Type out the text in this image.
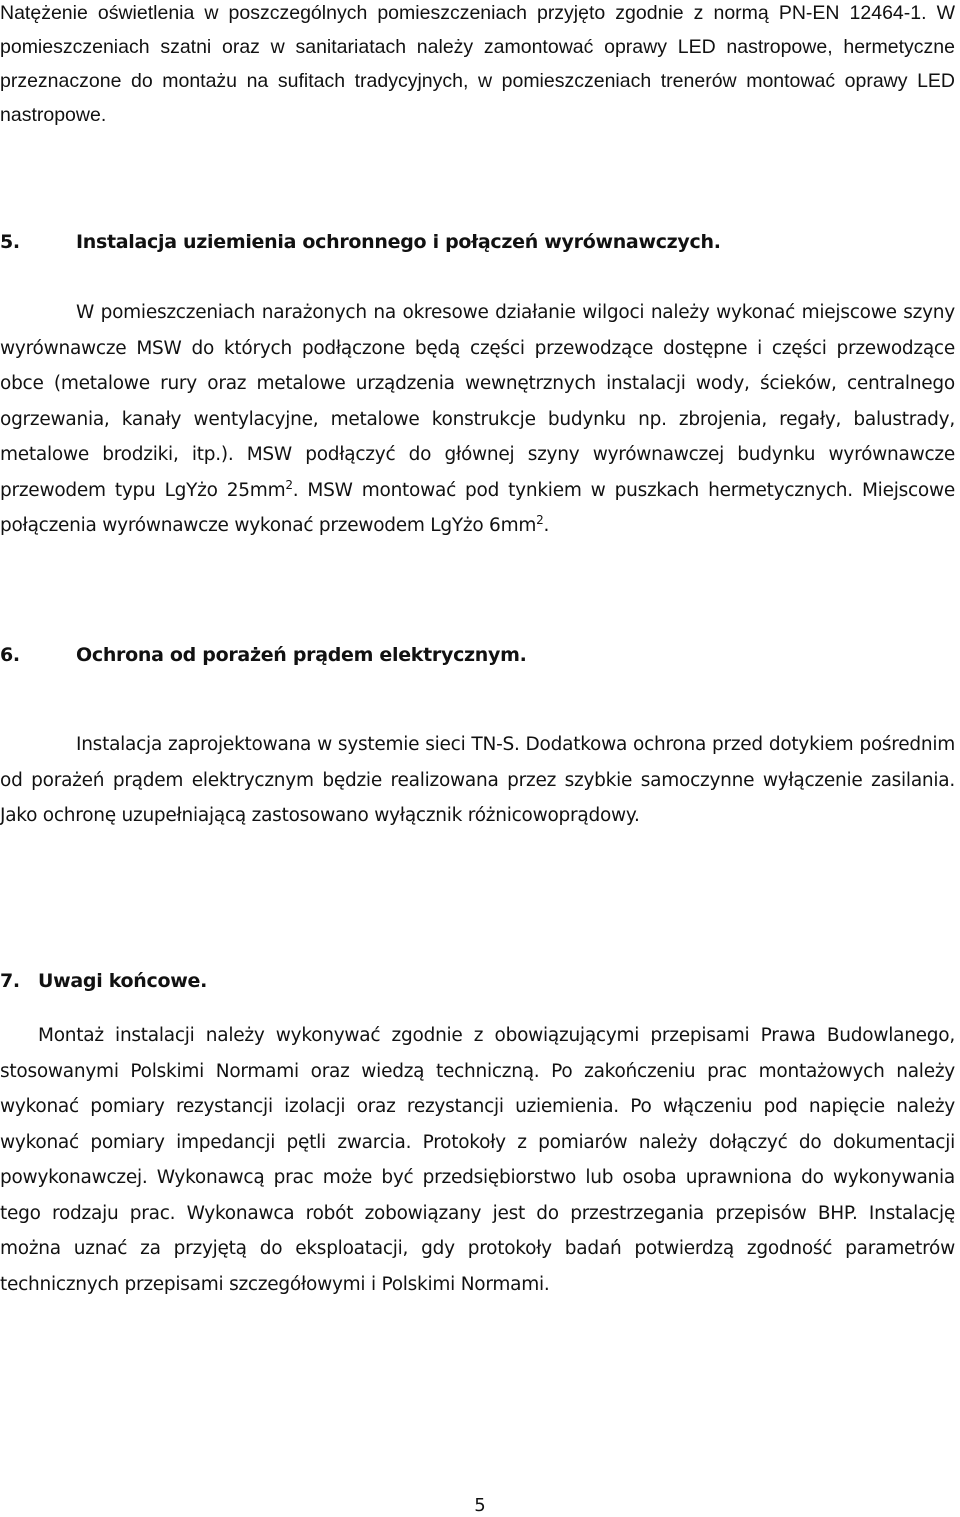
Natężenie oświetlenia w poszczególnych pomieszczeniach przyjęto zgodnie z normą PN-EN 12464-1. W pomieszczeniach szatni oraz w sanitariatach należy zamontować oprawy LED nastropowe, hermetyczne przeznaczone do montażu na sufitach tradycyjnych, w pomieszczeniach trenerów montować oprawy LED nastropowe.

5.	Instalacja uziemienia ochronnego i połączeń wyrównawczych.

W pomieszczeniach narażonych na okresowe działanie wilgoci należy wykonać miejscowe szyny wyrównawcze MSW do których podłączone będą części przewodzące dostępne i części przewodzące obce (metalowe rury oraz metalowe urządzenia wewnętrznych instalacji wody, ścieków, centralnego ogrzewania, kanały wentylacyjne, metalowe konstrukcje budynku np. zbrojenia, regały, balustrady, metalowe brodziki, itp.). MSW podłączyć do głównej szyny wyrównawczej budynku wyrównawcze przewodem typu LgYżo $25mm^2$. MSW montować pod tynkiem w puszkach hermetycznych. Miejscowe połączenia wyrównawcze wykonać przewodem LgYżo $6mm^2$.

6.	Ochrona od porażeń prądem elektrycznym.

Instalacja zaprojektowana w systemie sieci TN-S. Dodatkowa ochrona przed dotykiem pośrednim od porażeń prądem elektrycznym będzie realizowana przez szybkie samoczynne wyłączenie zasilania. Jako ochronę uzupełniającą zastosowano wyłącznik różnicowoprądowy.

7. Uwagi końcowe.

Montaż instalacji należy wykonywać zgodnie z obowiązującymi przepisami Prawa Budowlanego, stosowanymi Polskimi Normami oraz wiedzą techniczną. Po zakończeniu prac montażowych należy wykonać pomiary rezystancji izolacji oraz rezystancji uziemienia. Po włączeniu pod napięcie należy wykonać pomiary impedancji pętli zwarcia. Protokoły z pomiarów należy dołączyć do dokumentacji powykonawczej. Wykonawcą prac może być przedsiębiorstwo lub osoba uprawniona do wykonywania tego rodzaju prac. Wykonawca robót zobowiązany jest do przestrzegania przepisów BHP. Instalację można uznać za przyjętą do eksploatacji, gdy protokoły badań potwierdzą zgodność parametrów technicznych przepisami szczegółowymi i Polskimi Normami.

5
